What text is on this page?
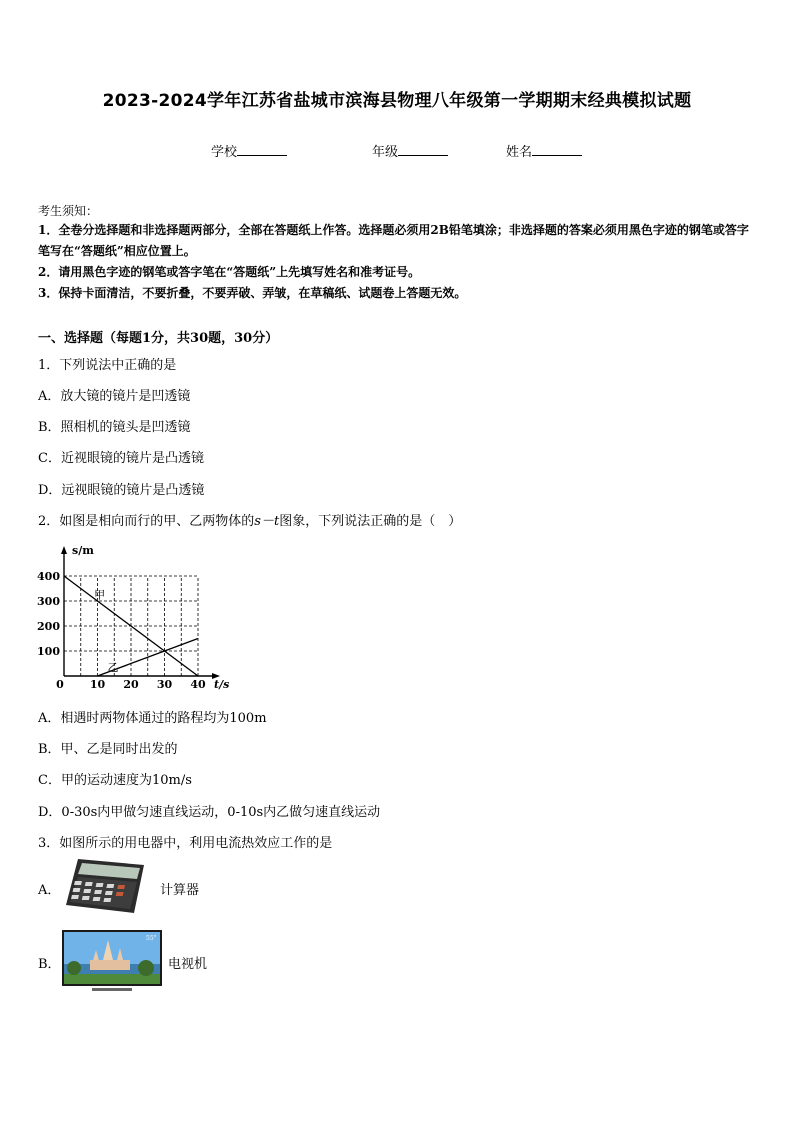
2023-2024学年江苏省盐城市滨海县物理八年级第一学期期末经典模拟试题
学校	年级	姓名
考生须知：
1．全卷分选择题和非选择题两部分，全部在答题纸上作答。选择题必须用2B铅笔填涂；非选择题的答案必须用黑色字迹的钢笔或答字笔写在“答题纸”相应位置上。
2．请用黑色字迹的钢笔或答字笔在“答题纸”上先填写姓名和准考证号。
3．保持卡面清洁，不要折叠，不要弄破、弄皱，在草稿纸、试题卷上答题无效。
一、选择题（每题1分，共30题，30分）
1．下列说法中正确的是
A．放大镜的镜片是凹透镜
B．照相机的镜头是凹透镜
C．近视眼镜的镜片是凸透镜
D．远视眼镜的镜片是凸透镜
2．如图是相向而行的甲、乙两物体的s－t图象，下列说法正确的是（　）
0 10 20 30 40
100
200
300
400
t/s
s/m
甲
乙
A．相遇时两物体通过的路程均为100m
B．甲、乙是同时出发的
C．甲的运动速度为10m/s
D．0-30s内甲做匀速直线运动，0-10s内乙做匀速直线运动
3．如图所示的用电器中，利用电流热效应工作的是
A．	计算器
B．
55"
电视机
